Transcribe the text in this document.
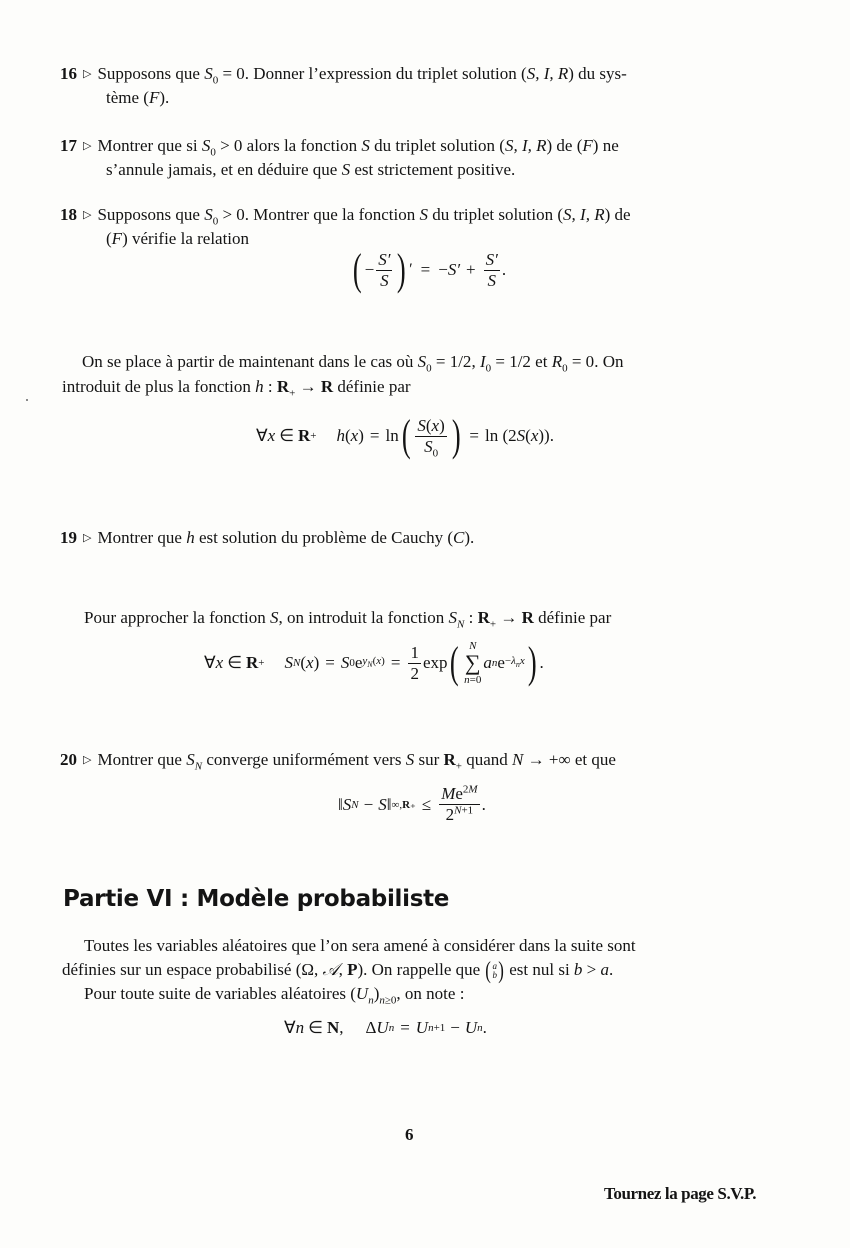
16 ▷ Supposons que $S_0 = 0$. Donner l’expression du triplet solution (S, I, R) du sys-
tème (F).
17 ▷ Montrer que si $S_0 > 0$ alors la fonction S du triplet solution (S, I, R) de (F) ne
s’annule jamais, et en déduire que S est strictement positive.
18 ▷ Supposons que $S_0 > 0$. Montrer que la fonction S du triplet solution (S, I, R) de
(F) vérifie la relation
( − $\frac{S'}{S}$ ) ′ = − $S' + \frac{S'}{S}$ .
On se place à partir de maintenant dans le cas où $S_0 = 1/2$, $I_0 = 1/2$ et $R_0 = 0$. On
introduit de plus la fonction h : $R_+ \to R$ définie par
∀ x ∈ R + h ( x ) = ln ( $\frac{S(x)}{S_0}$ ) = ln (2 S ( x )) .
19 ▷ Montrer que h est solution du problème de Cauchy (C).
Pour approcher la fonction S, on introduit la fonction $S_N$ : $R_+ \to R$ définie par
∀ x ∈ R + S N ( x ) = S 0 e $y_N(x) = \frac{1}{2}$ exp ( N
∑
n=0
a n $e -\lambda_nx$ ) .
20 ▷ Montrer que $S_N$ converge uniformément vers S sur $R_+$ quand N → +∞ et que
‖ S N − S ‖ $\infty,R_+ \le \frac{Me^{2M}}{2^{N+1}}$ .
Partie VI : Modèle probabiliste
Toutes les variables aléatoires que l’on sera amené à considérer dans la suite sont
définies sur un espace probabilisé (Ω, 𝒜, P). On rappelle que ( a
b ) est nul si b > a.
Pour toute suite de variables aléatoires $(U_n)_{n\ge 0}$, on note :
∀ n ∈ N , Δ U n = U n+1 − U n .
6
Tournez la page S.V.P.
